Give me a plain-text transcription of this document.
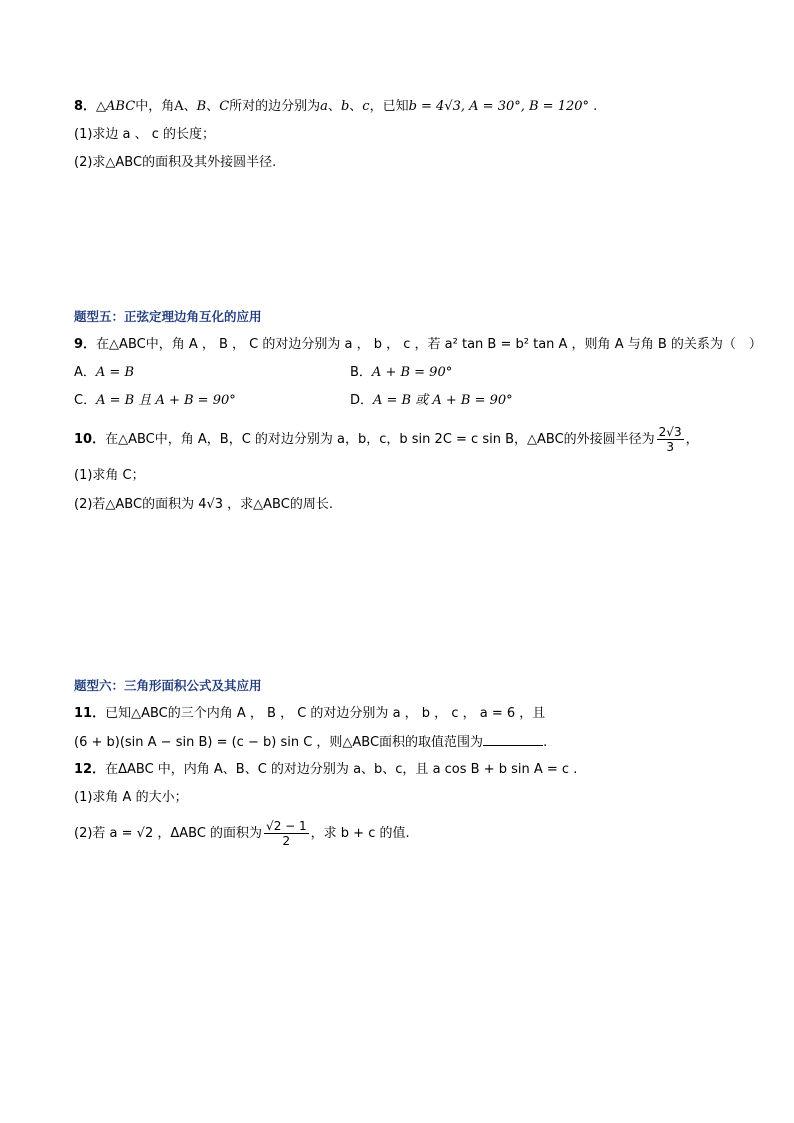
8．△ABC中，角A、B、C所对的边分别为a、b、c，已知b = 4√3, A = 30°, B = 120° .
(1)求边 a 、 c 的长度；
(2)求△ABC的面积及其外接圆半径.
题型五：正弦定理边角互化的应用
9．在△ABC中，角 A ， B ， C 的对边分别为 a ， b ， c ，若 a² tan B = b² tan A ，则角 A 与角 B 的关系为（　）
A．A = B	B．A + B = 90°
C．A = B 且 A + B = 90°	D．A = B 或 A + B = 90°
10．在△ABC中，角 A，B，C 的对边分别为 a，b，c，b sin 2C = c sin B，△ABC的外接圆半径为 $\frac{2√3}{3}$ ，
(1)求角 C；
(2)若△ABC的面积为 4√3 ，求△ABC的周长.
题型六：三角形面积公式及其应用
11．已知△ABC的三个内角 A ， B ， C 的对边分别为 a ， b ， c ， a = 6 ，且
(6 + b)(sin A − sin B) = (c − b) sin C ，则△ABC面积的取值范围为	.
12．在ΔABC 中，内角 A、B、C 的对边分别为 a、b、c，且 a cos B + b sin A = c .
(1)求角 A 的大小；
(2)若 a = √2 ，ΔABC 的面积为 $\frac{√2 - 1}{2}$ ，求 b + c 的值.
